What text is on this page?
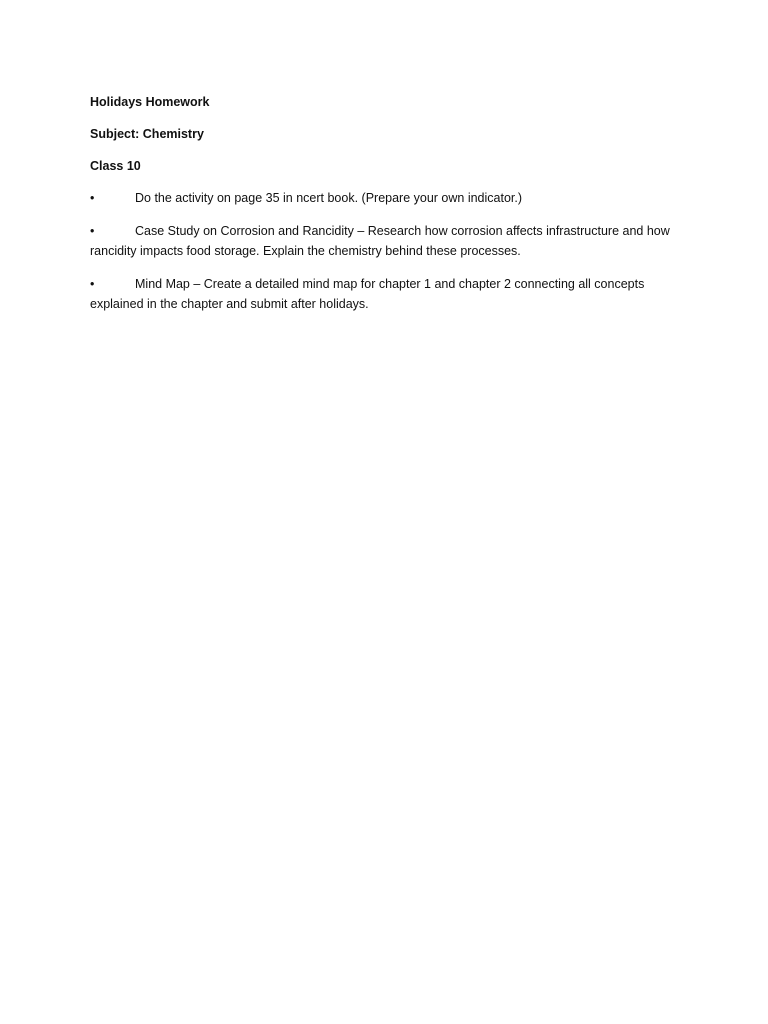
Holidays Homework

Subject: Chemistry

Class 10

•	Do the activity on page 35 in ncert book. (Prepare your own indicator.)
•	Case Study on Corrosion and Rancidity – Research how corrosion affects infrastructure and how rancidity impacts food storage. Explain the chemistry behind these processes.
•	Mind Map – Create a detailed mind map for chapter 1 and chapter 2 connecting all concepts explained in the chapter and submit after holidays.
